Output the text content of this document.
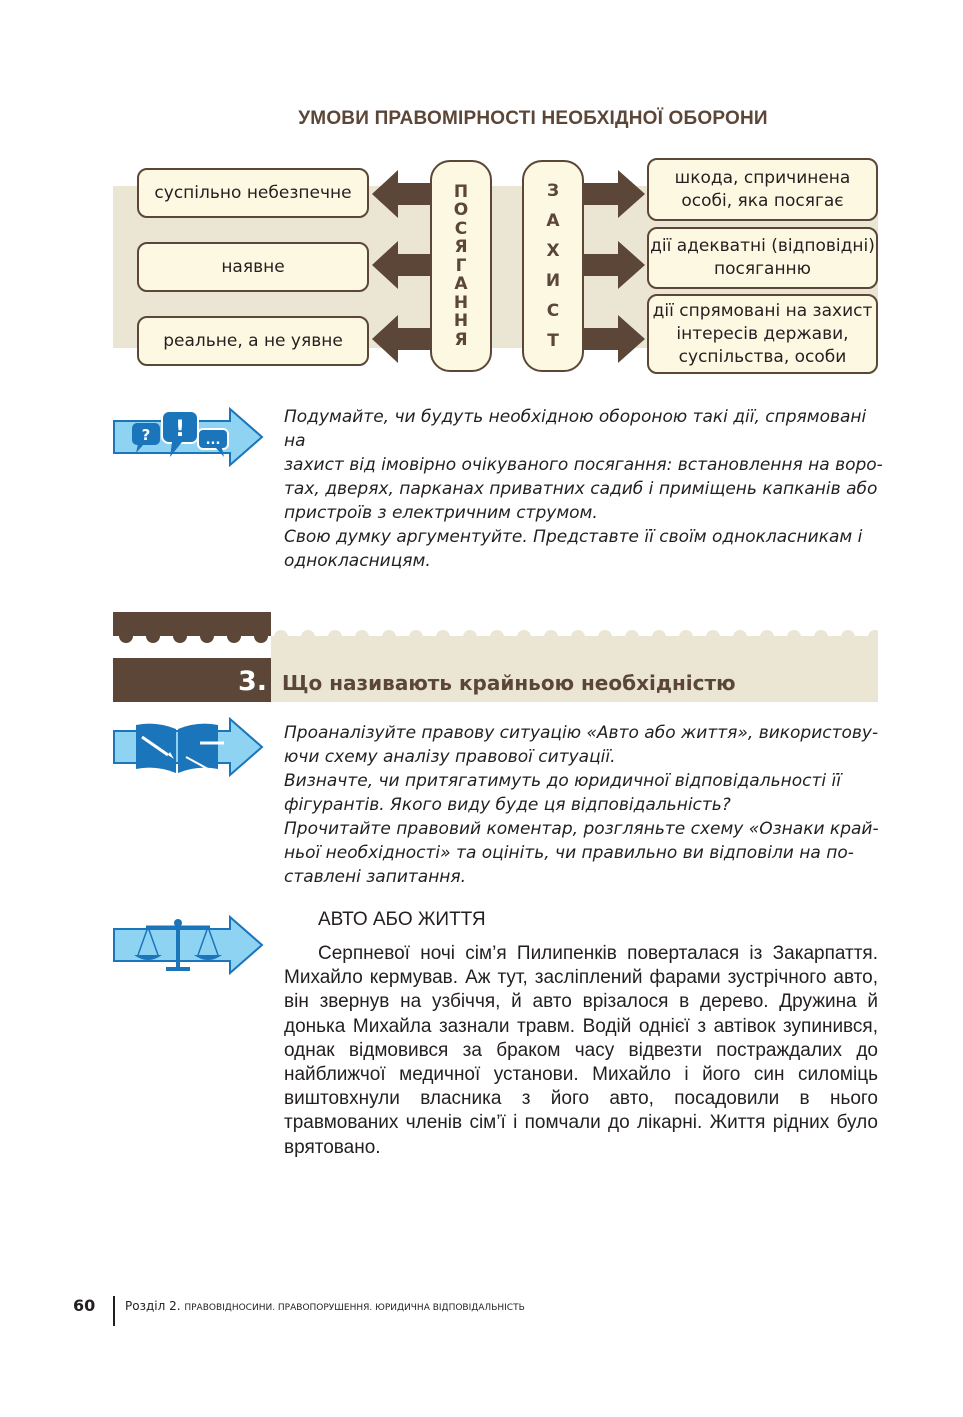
УМОВИ ПРАВОМІРНОСТІ НЕОБХІДНОЇ ОБОРОНИ
суспільно небезпечне
наявне
реальне, а не уявне
П
О
С
Я
Г
А
Н
Н
Я
З
А
Х
И
С
Т
шкода, спричинена
особі, яка посягає
дії адекватні (відповідні)
посяганню
дії спрямовані на захист
інтересів держави,
суспільства, особи
? ! ...

Подумайте, чи будуть необхідною обороною такі дії, спрямовані на

захист від імовірно очікуваного посягання: встановлення на воро-

тах, дверях, парканах приватних садиб і приміщень капканів або

пристроїв з електричним струмом.

Свою думку аргументуйте. Представте її своїм однокласникам і

однокласницям.

3. Що називають крайньою необхідністю

Проаналізуйте правову ситуацію «Авто або життя», використову-

ючи схему аналізу правової ситуації.

Визначте, чи притягатимуть до юридичної відповідальності її

фігурантів. Якого виду буде ця відповідальність?

Прочитайте правовий коментар, розгляньте схему «Ознаки край-

ньої необхідності» та оцініть, чи правильно ви відповіли на по-

ставлені запитання.

АВТО АБО ЖИТТЯ
Серпневої ночі сім’я Пилипенків поверталася із Закарпаття. Михайло кермував. Аж тут, засліплений фарами зустрічного авто, він звернув на узбіччя, й авто врізалося в дерево. Дружина й донька Михайла зазнали травм. Водій однієї з автівок зупинився, однак відмовився за браком часу відвезти постраждалих до найближчої медичної установи. Михайло і його син силоміць виштовхнули власника з його авто, посадовили в нього травмованих членів сім’ї і помчали до лікарні. Життя рідних було врятовано.
60 Розділ 2. ПРАВОВІДНОСИНИ. ПРАВОПОРУШЕННЯ. ЮРИДИЧНА ВІДПОВІДАЛЬНІСТЬ
